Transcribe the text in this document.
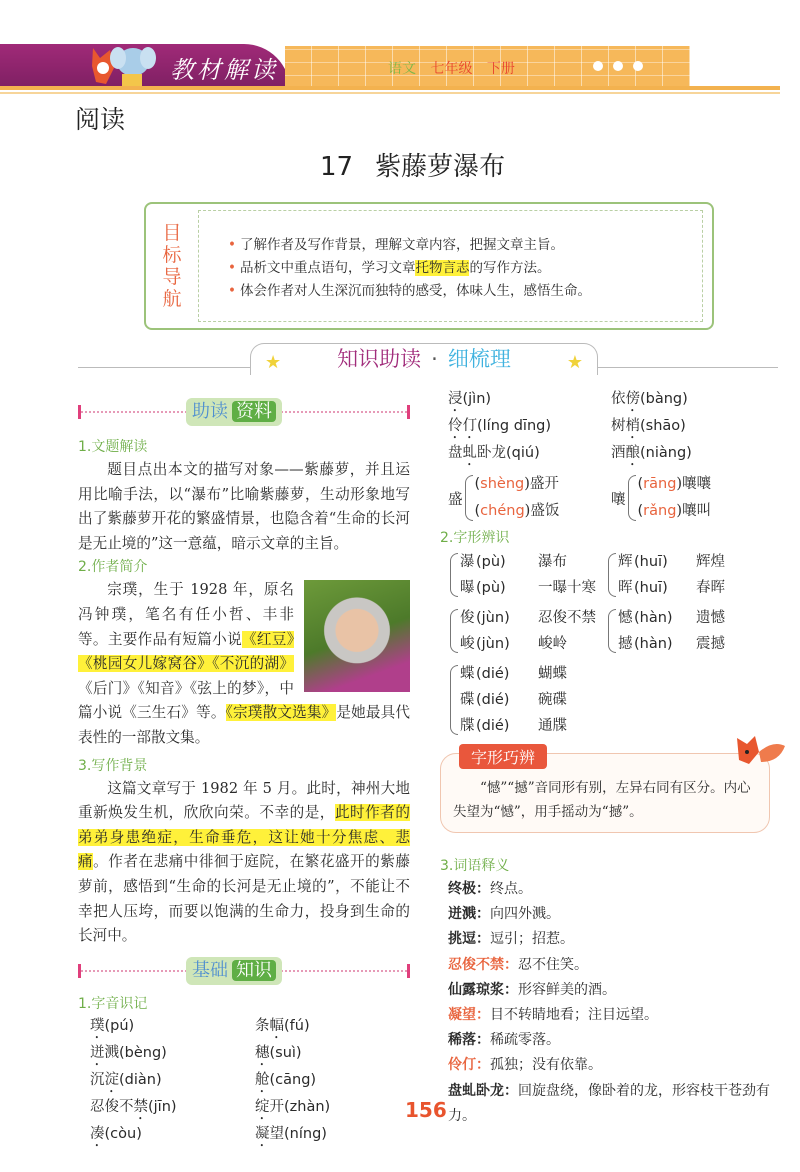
教材解读	语文 七年级 下册
阅读
17 紫藤萝瀑布
目
标
导
航
• 了解作者及写作背景，理解文章内容，把握文章主旨。
• 品析文中重点语句，学习文章托物言志的写作方法。
• 体会作者对人生深沉而独特的感受，体味人生，感悟生命。
★	知识助读 · 细梳理	★
助读 资料
1.文题解读

题目点出本文的描写对象——紫藤萝，并且运用比喻手法，以“瀑布”比喻紫藤萝，生动形象地写出了紫藤萝开花的繁盛情景，也隐含着“生命的长河是无止境的”这一意蕴，暗示文章的主旨。

2.作者简介

宗璞，生于 1928 年，原名冯钟璞，笔名有任小哲、丰非等。主要作品有短篇小说《红豆》《桃园女儿嫁窝谷》《不沉的湖》《后门》《知音》《弦上的梦》，中篇小说《三生石》等。《宗璞散文选集》是她最具代表性的一部散文集。

3.写作背景

这篇文章写于 1982 年 5 月。此时，神州大地重新焕发生机，欣欣向荣。不幸的是，此时作者的弟弟身患绝症，生命垂危，这让她十分焦虑、悲痛。作者在悲痛中徘徊于庭院，在繁花盛开的紫藤萝前，感悟到“生命的长河是无止境的”，不能让不幸把人压垮，而要以饱满的生命力，投身到生命的长河中。

基础 知识
1.字音识记
璞(pú)	条幅(fú)
迸溅(bèng)	穗(suì)
沉淀(diàn)	舱(cāng)
忍俊不禁(jīn)	绽开(zhàn)
凑(còu)	凝望(níng)
浸(jìn)	依傍(bàng)
伶仃(líng dīng)	树梢(shāo)
盘虬卧龙(qiú)	酒酿(niàng)
盛
(shèng)盛开
(chéng)盛饭
嚷
(rāng)嚷嚷
(rǎng)嚷叫
2.字形辨识
瀑 (pù) 瀑布
曝 (pù) 一曝十寒
辉 (huī) 辉煌
晖 (huī) 春晖
俊 (jùn) 忍俊不禁
峻 (jùn) 峻岭
憾 (hàn) 遗憾
撼 (hàn) 震撼
蝶 (dié) 蝴蝶
碟 (dié) 碗碟
牒 (dié) 通牒
字形巧辨

“憾”“撼”音同形有别，左异右同有区分。内心失望为“憾”，用手摇动为“撼”。

3.词语释义
终极：终点。
迸溅：向四外溅。
挑逗：逗引；招惹。
忍俊不禁：忍不住笑。
仙露琼浆：形容鲜美的酒。
凝望：目不转睛地看；注目远望。
稀落：稀疏零落。
伶仃：孤独；没有依靠。
盘虬卧龙：回旋盘绕，像卧着的龙，形容枝干苍劲有力。
156
